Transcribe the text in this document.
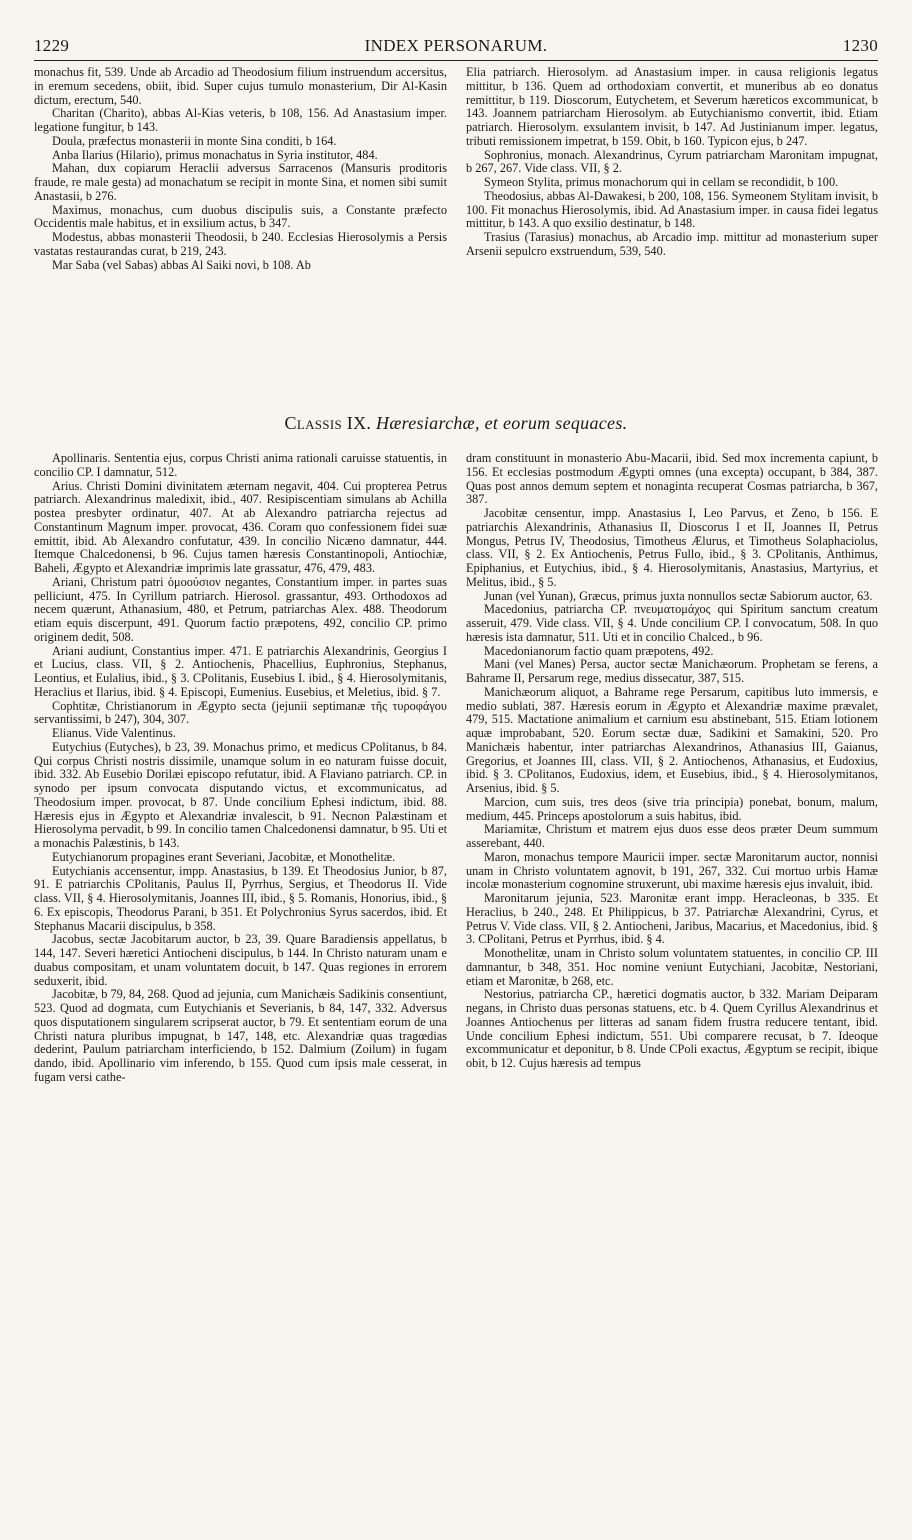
1229	INDEX PERSONARUM.	1230

monachus fit, 539. Unde ab Arcadio ad Theodosium filium instruendum accersitus, in eremum secedens, obiit, ibid. Super cujus tumulo monasterium, Dir Al-Kasin dictum, erectum, 540.

Charitan (Charito), abbas Al-Kias veteris, b 108, 156. Ad Anastasium imper. legatione fungitur, b 143.

Doula, præfectus monasterii in monte Sina conditi, b 164.

Anba Ilarius (Hilario), primus monachatus in Syria institutor, 484.

Mahan, dux copiarum Heraclii adversus Sarracenos (Mansuris proditoris fraude, re male gesta) ad monachatum se recipit in monte Sina, et nomen sibi sumit Anastasii, b 276.

Maximus, monachus, cum duobus discipulis suis, a Constante præfecto Occidentis male habitus, et in exsilium actus, b 347.

Modestus, abbas monasterii Theodosii, b 240. Ecclesias Hierosolymis a Persis vastatas restaurandas curat, b 219, 243.

Mar Saba (vel Sabas) abbas Al Saiki novi, b 108. Ab

Elia patriarch. Hierosolym. ad Anastasium imper. in causa religionis legatus mittitur, b 136. Quem ad orthodoxiam convertit, et muneribus ab eo donatus remittitur, b 119. Dioscorum, Eutychetem, et Severum hæreticos excommunicat, b 143. Joannem patriarcham Hierosolym. ab Eutychianismo convertit, ibid. Etiam patriarch. Hierosolym. exsulantem invisit, b 147. Ad Justinianum imper. legatus, tributi remissionem impetrat, b 159. Obit, b 160. Typicon ejus, b 247.

Sophronius, monach. Alexandrinus, Cyrum patriarcham Maronitam impugnat, b 267, 267. Vide class. VII, § 2.

Symeon Stylita, primus monachorum qui in cellam se recondidit, b 100.

Theodosius, abbas Al-Dawakesi, b 200, 108, 156. Symeonem Stylitam invisit, b 100. Fit monachus Hierosolymis, ibid. Ad Anastasium imper. in causa fidei legatus mittitur, b 143. A quo exsilio destinatur, b 148.

Trasius (Tarasius) monachus, ab Arcadio imp. mittitur ad monasterium super Arsenii sepulcro exstruendum, 539, 540.

Classis IX. Hæresiarchæ, et eorum sequaces.

Apollinaris. Sententia ejus, corpus Christi anima rationali caruisse statuentis, in concilio CP. I damnatur, 512.

Arius. Christi Domini divinitatem æternam negavit, 404. Cui propterea Petrus patriarch. Alexandrinus maledixit, ibid., 407. Resipiscentiam simulans ab Achilla postea presbyter ordinatur, 407. At ab Alexandro patriarcha rejectus ad Constantinum Magnum imper. provocat, 436. Coram quo confessionem fidei suæ emittit, ibid. Ab Alexandro confutatur, 439. In concilio Nicæno damnatur, 444. Itemque Chalcedonensi, b 96. Cujus tamen hæresis Constantinopoli, Antiochiæ, Baheli, Ægypto et Alexandriæ imprimis late grassatur, 476, 479, 483.

Ariani, Christum patri ὁμοούσιον negantes, Constantium imper. in partes suas pelliciunt, 475. In Cyrillum patriarch. Hierosol. grassantur, 493. Orthodoxos ad necem quærunt, Athanasium, 480, et Petrum, patriarchas Alex. 488. Theodorum etiam equis discerpunt, 491. Quorum factio præpotens, 492, concilio CP. primo originem dedit, 508.

Ariani audiunt, Constantius imper. 471. E patriarchis Alexandrinis, Georgius I et Lucius, class. VII, § 2. Antiochenis, Phacellius, Euphronius, Stephanus, Leontius, et Eulalius, ibid., § 3. CPolitanis, Eusebius I. ibid., § 4. Hierosolymitanis, Heraclius et Ilarius, ibid. § 4. Episcopi, Eumenius. Eusebius, et Meletius, ibid. § 7.

Cophtitæ, Christianorum in Ægypto secta (jejunii septimanæ τῆς τυροφάγου servantissimi, b 247), 304, 307.

Elianus. Vide Valentinus.

Eutychius (Eutyches), b 23, 39. Monachus primo, et medicus CPolitanus, b 84. Qui corpus Christi nostris dissimile, unamque solum in eo naturam fuisse docuit, ibid. 332. Ab Eusebio Dorilæi episcopo refutatur, ibid. A Flaviano patriarch. CP. in synodo per ipsum convocata disputando victus, et excommunicatus, ad Theodosium imper. provocat, b 87. Unde concilium Ephesi indictum, ibid. 88. Hæresis ejus in Ægypto et Alexandriæ invalescit, b 91. Necnon Palæstinam et Hierosolyma pervadit, b 99. In concilio tamen Chalcedonensi damnatur, b 95. Uti et a monachis Palæstinis, b 143.

Eutychianorum propagines erant Severiani, Jacobitæ, et Monothelitæ.

Eutychianis accensentur, impp. Anastasius, b 139. Et Theodosius Junior, b 87, 91. E patriarchis CPolitanis, Paulus II, Pyrrhus, Sergius, et Theodorus II. Vide class. VII, § 4. Hierosolymitanis, Joannes III, ibid., § 5. Romanis, Honorius, ibid., § 6. Ex episcopis, Theodorus Parani, b 351. Et Polychronius Syrus sacerdos, ibid. Et Stephanus Macarii discipulus, b 358.

Jacobus, sectæ Jacobitarum auctor, b 23, 39. Quare Baradiensis appellatus, b 144, 147. Severi hæretici Antiocheni discipulus, b 144. In Christo naturam unam e duabus compositam, et unam voluntatem docuit, b 147. Quas regiones in errorem seduxerit, ibid.

Jacobitæ, b 79, 84, 268. Quod ad jejunia, cum Manichæis Sadikinis consentiunt, 523. Quod ad dogmata, cum Eutychianis et Severianis, b 84, 147, 332. Adversus quos disputationem singularem scripserat auctor, b 79. Et sententiam eorum de una Christi natura pluribus impugnat, b 147, 148, etc. Alexandriæ quas tragœdias dederint, Paulum patriarcham interficiendo, b 152. Dalmium (Zoilum) in fugam dando, ibid. Apollinario vim inferendo, b 155. Quod cum ipsis male cesserat, in fugam versi cathe-

dram constituunt in monasterio Abu-Macarii, ibid. Sed mox incrementa capiunt, b 156. Et ecclesias postmodum Ægypti omnes (una excepta) occupant, b 384, 387. Quas post annos demum septem et nonaginta recuperat Cosmas patriarcha, b 367, 387.

Jacobitæ censentur, impp. Anastasius I, Leo Parvus, et Zeno, b 156. E patriarchis Alexandrinis, Athanasius II, Dioscorus I et II, Joannes II, Petrus Mongus, Petrus IV, Theodosius, Timotheus Ælurus, et Timotheus Solaphaciolus, class. VII, § 2. Ex Antiochenis, Petrus Fullo, ibid., § 3. CPolitanis, Anthimus, Epiphanius, et Eutychius, ibid., § 4. Hierosolymitanis, Anastasius, Martyrius, et Melitus, ibid., § 5.

Junan (vel Yunan), Græcus, primus juxta nonnullos sectæ Sabiorum auctor, 63.

Macedonius, patriarcha CP. πνευματομάχος qui Spiritum sanctum creatum asseruit, 479. Vide class. VII, § 4. Unde concilium CP. I convocatum, 508. In quo hæresis ista damnatur, 511. Uti et in concilio Chalced., b 96.

Macedonianorum factio quam præpotens, 492.

Mani (vel Manes) Persa, auctor sectæ Manichæorum. Prophetam se ferens, a Bahrame II, Persarum rege, medius dissecatur, 387, 515.

Manichæorum aliquot, a Bahrame rege Persarum, capitibus luto immersis, e medio sublati, 387. Hæresis eorum in Ægypto et Alexandriæ maxime prævalet, 479, 515. Mactatione animalium et carnium esu abstinebant, 515. Etiam lotionem aquæ improbabant, 520. Eorum sectæ duæ, Sadikini et Samakini, 520. Pro Manichæis habentur, inter patriarchas Alexandrinos, Athanasius III, Gaianus, Gregorius, et Joannes III, class. VII, § 2. Antiochenos, Athanasius, et Eudoxius, ibid. § 3. CPolitanos, Eudoxius, idem, et Eusebius, ibid., § 4. Hierosolymitanos, Arsenius, ibid. § 5.

Marcion, cum suis, tres deos (sive tria principia) ponebat, bonum, malum, medium, 445. Princeps apostolorum a suis habitus, ibid.

Mariamitæ, Christum et matrem ejus duos esse deos præter Deum summum asserebant, 440.

Maron, monachus tempore Mauricii imper. sectæ Maronitarum auctor, nonnisi unam in Christo voluntatem agnovit, b 191, 267, 332. Cui mortuo urbis Hamæ incolæ monasterium cognomine struxerunt, ubi maxime hæresis ejus invaluit, ibid.

Maronitarum jejunia, 523. Maronitæ erant impp. Heracleonas, b 335. Et Heraclius, b 240., 248. Et Philippicus, b 37. Patriarchæ Alexandrini, Cyrus, et Petrus V. Vide class. VII, § 2. Antiocheni, Jaribus, Macarius, et Macedonius, ibid. § 3. CPolitani, Petrus et Pyrrhus, ibid. § 4.

Monothelitæ, unam in Christo solum voluntatem statuentes, in concilio CP. III damnantur, b 348, 351. Hoc nomine veniunt Eutychiani, Jacobitæ, Nestoriani, etiam et Maronitæ, b 268, etc.

Nestorius, patriarcha CP., hæretici dogmatis auctor, b 332. Mariam Deiparam negans, in Christo duas personas statuens, etc. b 4. Quem Cyrillus Alexandrinus et Joannes Antiochenus per litteras ad sanam fidem frustra reducere tentant, ibid. Unde concilium Ephesi indictum, 551. Ubi comparere recusat, b 7. Ideoque excommunicatur et deponitur, b 8. Unde CPoli exactus, Ægyptum se recipit, ibique obit, b 12. Cujus hæresis ad tempus
